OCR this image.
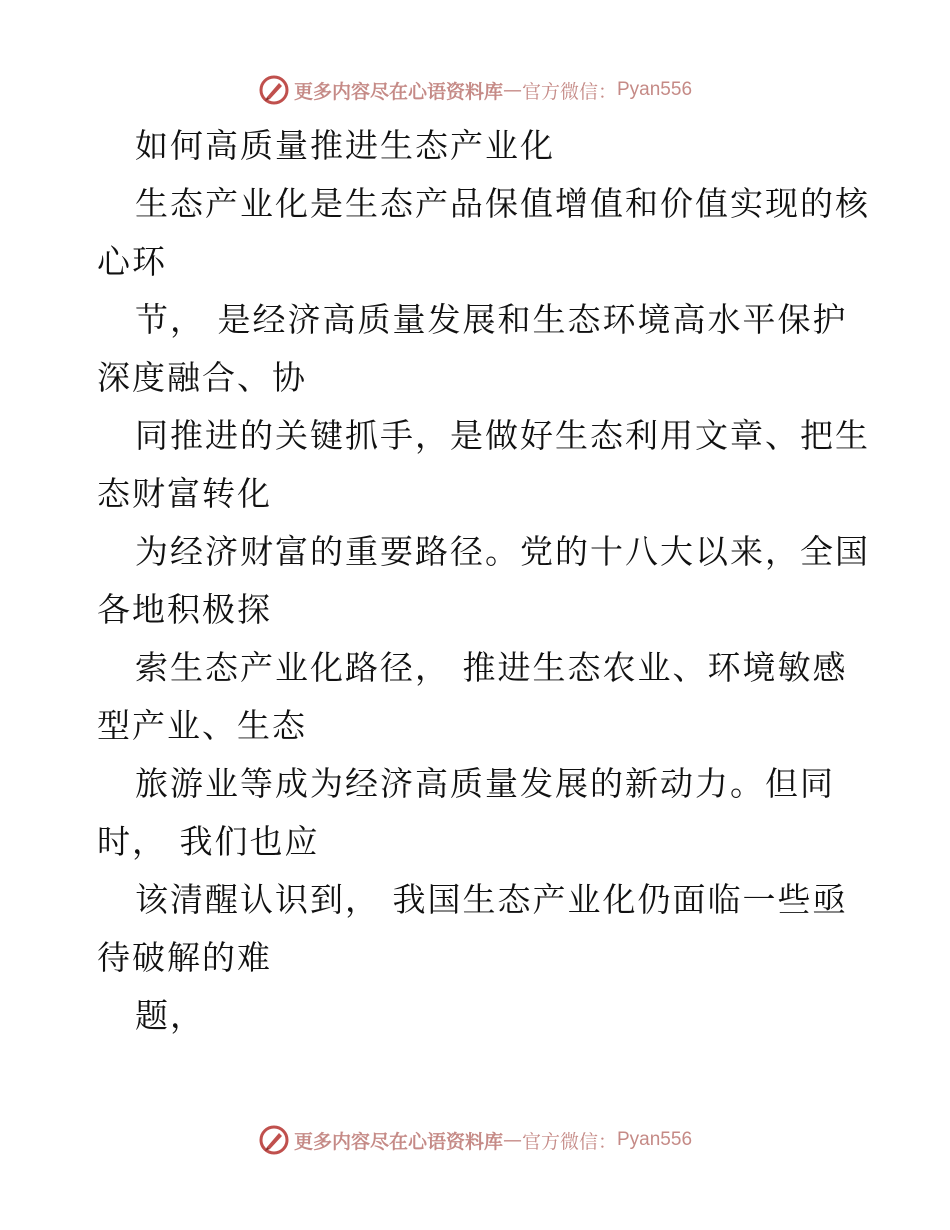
更多内容尽在心语资料库 — 官方微信： Pyan556
如何高质量推进生态产业化
生态产业化是生态产品保值增值和价值实现的核
心环
节， 是经济高质量发展和生态环境高水平保护
深度融合、协
同推进的关键抓手，是做好生态利用文章、把生
态财富转化
为经济财富的重要路径。党的十八大以来，全国
各地积极探
索生态产业化路径， 推进生态农业、环境敏感
型产业、生态
旅游业等成为经济高质量发展的新动力。但同
时， 我们也应
该清醒认识到， 我国生态产业化仍面临一些亟
待破解的难
题，
更多内容尽在心语资料库 — 官方微信： Pyan556
